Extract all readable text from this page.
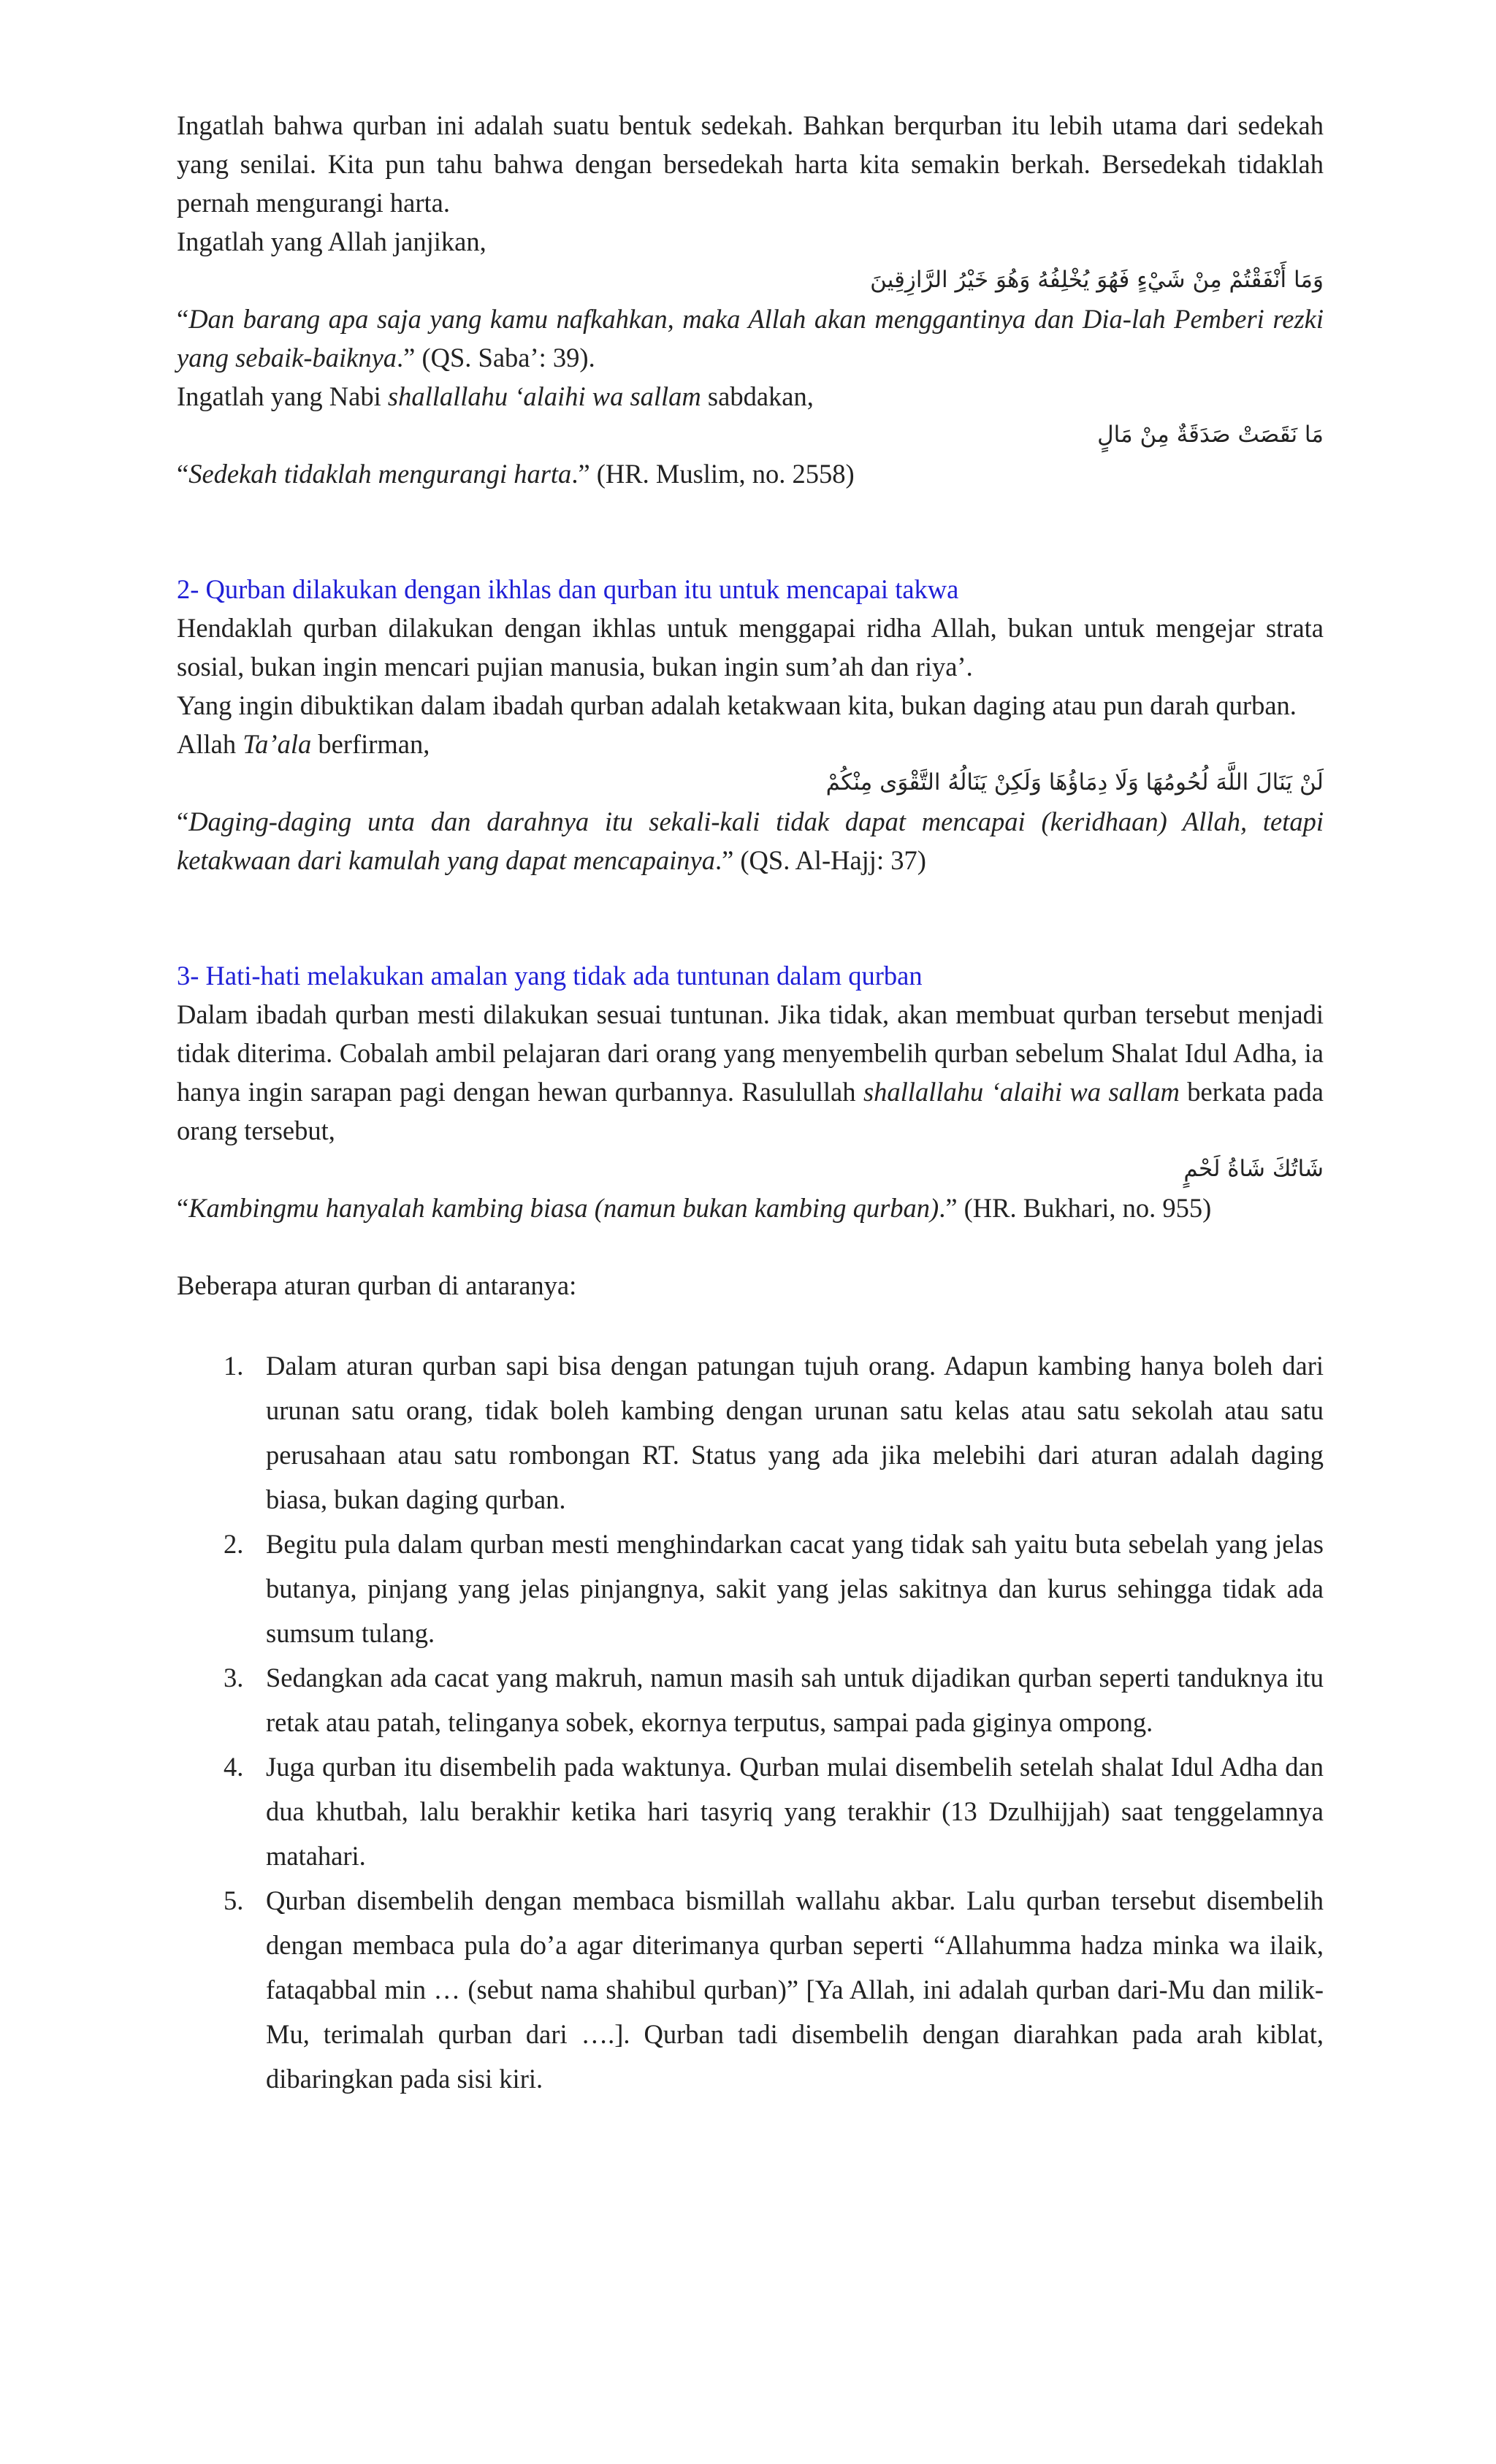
Ingatlah bahwa qurban ini adalah suatu bentuk sedekah. Bahkan berqurban itu lebih utama dari sedekah yang senilai. Kita pun tahu bahwa dengan bersedekah harta kita semakin berkah. Bersedekah tidaklah pernah mengurangi harta.

Ingatlah yang Allah janjikan,

وَمَا أَنْفَقْتُمْ مِنْ شَيْءٍ فَهُوَ يُخْلِفُهُ وَهُوَ خَيْرُ الرَّازِقِينَ

“Dan barang apa saja yang kamu nafkahkan, maka Allah akan menggantinya dan Dia-lah Pemberi rezki yang sebaik-baiknya.” (QS. Saba’: 39).

Ingatlah yang Nabi shallallahu ‘alaihi wa sallam sabdakan,

مَا نَقَصَتْ صَدَقَةٌ مِنْ مَالٍ

“Sedekah tidaklah mengurangi harta.” (HR. Muslim, no. 2558)

2- Qurban dilakukan dengan ikhlas dan qurban itu untuk mencapai takwa

Hendaklah qurban dilakukan dengan ikhlas untuk menggapai ridha Allah, bukan untuk mengejar strata sosial, bukan ingin mencari pujian manusia, bukan ingin sum’ah dan riya’.

Yang ingin dibuktikan dalam ibadah qurban adalah ketakwaan kita, bukan daging atau pun darah qurban.

Allah Ta’ala berfirman,

لَنْ يَنَالَ اللَّهَ لُحُومُهَا وَلَا دِمَاؤُهَا وَلَكِنْ يَنَالُهُ التَّقْوَى مِنْكُمْ

“Daging-daging unta dan darahnya itu sekali-kali tidak dapat mencapai (keridhaan) Allah, tetapi ketakwaan dari kamulah yang dapat mencapainya.” (QS. Al-Hajj: 37)

3- Hati-hati melakukan amalan yang tidak ada tuntunan dalam qurban

Dalam ibadah qurban mesti dilakukan sesuai tuntunan. Jika tidak, akan membuat qurban tersebut menjadi tidak diterima. Cobalah ambil pelajaran dari orang yang menyembelih qurban sebelum Shalat Idul Adha, ia hanya ingin sarapan pagi dengan hewan qurbannya. Rasulullah shallallahu ‘alaihi wa sallam berkata pada orang tersebut,

شَاتُكَ شَاةُ لَحْمٍ

“Kambingmu hanyalah kambing biasa (namun bukan kambing qurban).” (HR. Bukhari, no. 955)

Beberapa aturan qurban di antaranya:

1. Dalam aturan qurban sapi bisa dengan patungan tujuh orang. Adapun kambing hanya boleh dari urunan satu orang, tidak boleh kambing dengan urunan satu kelas atau satu sekolah atau satu perusahaan atau satu rombongan RT. Status yang ada jika melebihi dari aturan adalah daging biasa, bukan daging qurban.
2. Begitu pula dalam qurban mesti menghindarkan cacat yang tidak sah yaitu buta sebelah yang jelas butanya, pinjang yang jelas pinjangnya, sakit yang jelas sakitnya dan kurus sehingga tidak ada sumsum tulang.
3. Sedangkan ada cacat yang makruh, namun masih sah untuk dijadikan qurban seperti tanduknya itu retak atau patah, telinganya sobek, ekornya terputus, sampai pada giginya ompong.
4. Juga qurban itu disembelih pada waktunya. Qurban mulai disembelih setelah shalat Idul Adha dan dua khutbah, lalu berakhir ketika hari tasyriq yang terakhir (13 Dzulhijjah) saat tenggelamnya matahari.
5. Qurban disembelih dengan membaca bismillah wallahu akbar. Lalu qurban tersebut disembelih dengan membaca pula do’a agar diterimanya qurban seperti “Allahumma hadza minka wa ilaik, fataqabbal min … (sebut nama shahibul qurban)” [Ya Allah, ini adalah qurban dari-Mu dan milik-Mu, terimalah qurban dari ….]. Qurban tadi disembelih dengan diarahkan pada arah kiblat, dibaringkan pada sisi kiri.
